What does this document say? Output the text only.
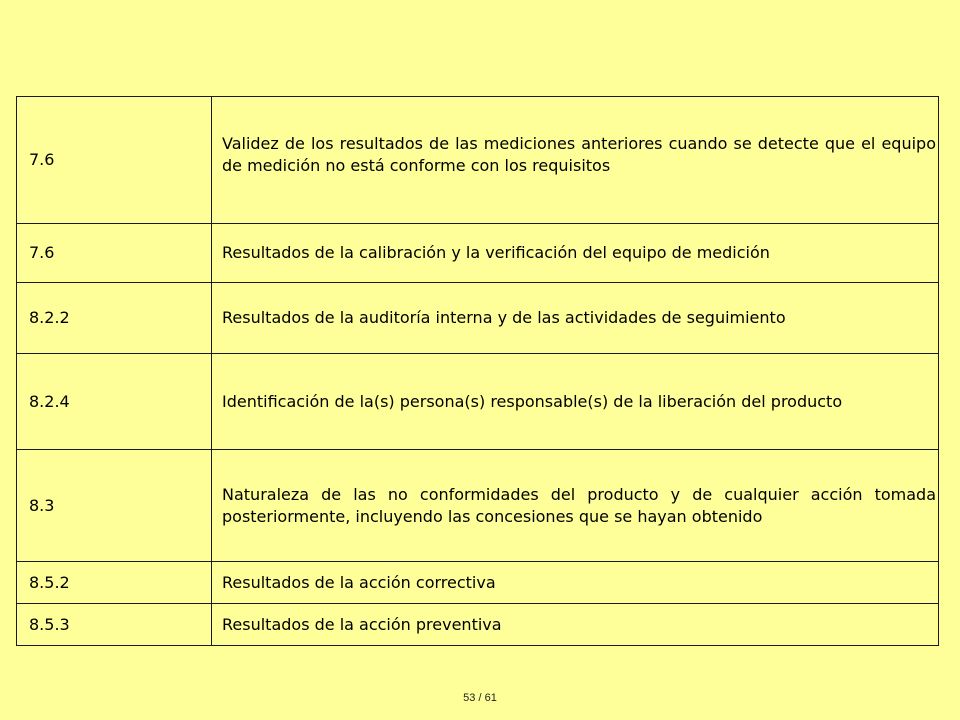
7.6	Validez de los resultados de las mediciones anteriores cuando se detecte que el equipo de medición no está conforme con los requisitos
7.6	Resultados de la calibración y la verificación del equipo de medición
8.2.2	Resultados de la auditoría interna y de las actividades de seguimiento
8.2.4	Identificación de la(s) persona(s) responsable(s) de la liberación del producto
8.3	Naturaleza de las no conformidades del producto y de cualquier acción tomada posteriormente, incluyendo las concesiones que se hayan obtenido
8.5.2	Resultados de la acción correctiva
8.5.3	Resultados de la acción preventiva
53 / 61
